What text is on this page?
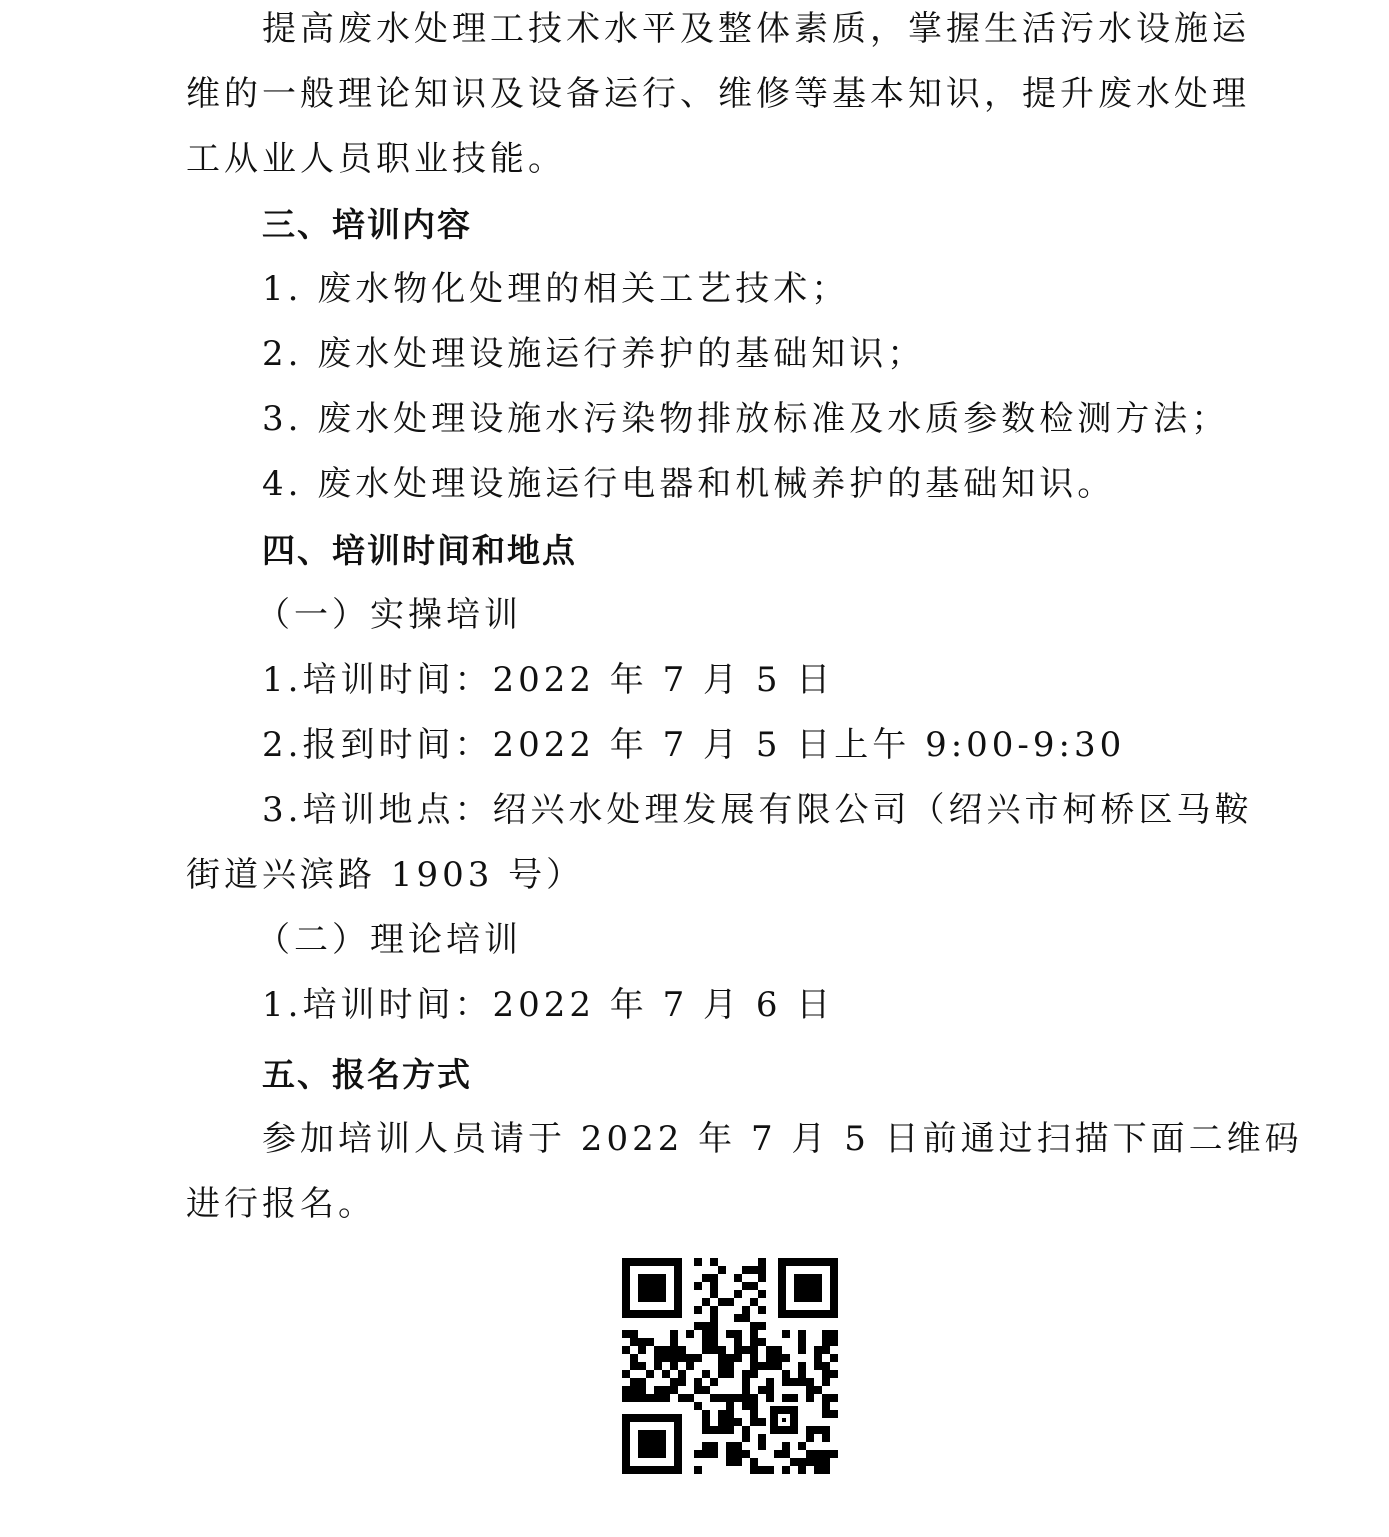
提高废水处理工技术水平及整体素质，掌握生活污水设施运
维的一般理论知识及设备运行、维修等基本知识，提升废水处理
工从业人员职业技能。
三、培训内容
1. 废水物化处理的相关工艺技术；
2. 废水处理设施运行养护的基础知识；
3. 废水处理设施水污染物排放标准及水质参数检测方法；
4. 废水处理设施运行电器和机械养护的基础知识。
四、培训时间和地点
（一）实操培训
1.培训时间：2022 年 7 月 5 日
2.报到时间：2022 年 7 月 5 日上午 9:00-9:30
3.培训地点：绍兴水处理发展有限公司（绍兴市柯桥区马鞍
街道兴滨路 1903 号）
（二）理论培训
1.培训时间：2022 年 7 月 6 日
五、报名方式
参加培训人员请于 2022 年 7 月 5 日前通过扫描下面二维码
进行报名。
